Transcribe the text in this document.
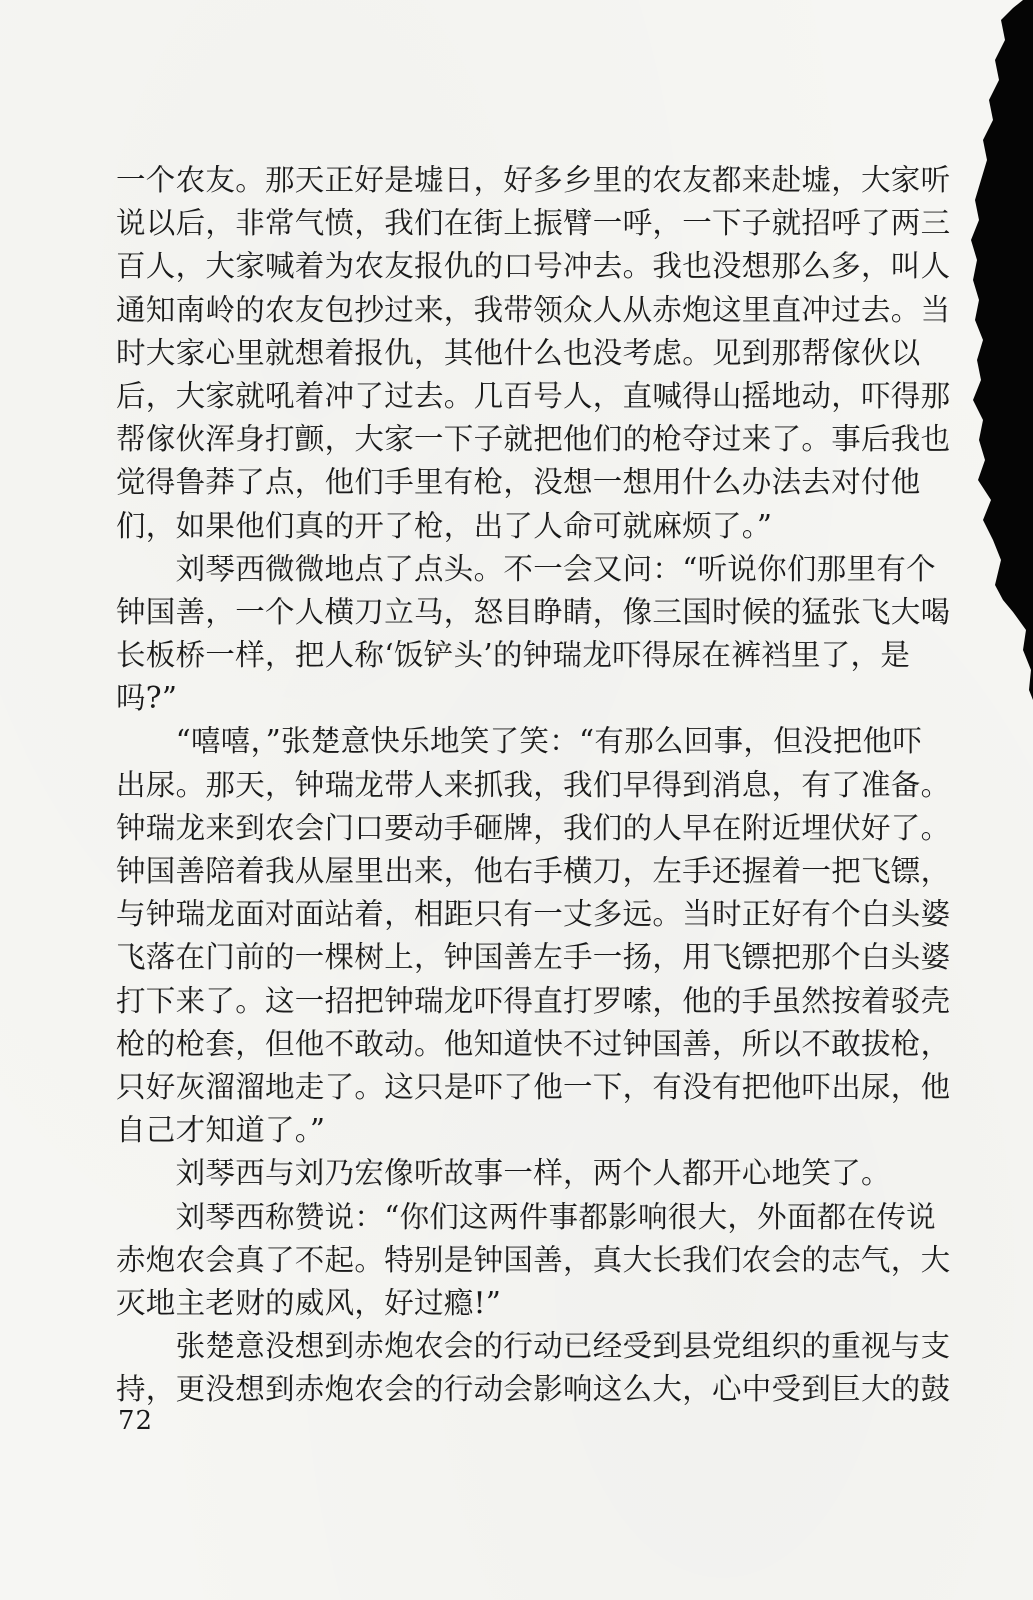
一个农友。那天正好是墟日，好多乡里的农友都来赴墟，大家听
说以后，非常气愤，我们在街上振臂一呼，一下子就招呼了两三
百人，大家喊着为农友报仇的口号冲去。我也没想那么多，叫人
通知南岭的农友包抄过来，我带领众人从赤炮这里直冲过去。当
时大家心里就想着报仇，其他什么也没考虑。见到那帮傢伙以
后，大家就吼着冲了过去。几百号人，直喊得山摇地动，吓得那
帮傢伙浑身打颤，大家一下子就把他们的枪夺过来了。事后我也
觉得鲁莽了点，他们手里有枪，没想一想用什么办法去对付他
们，如果他们真的开了枪，出了人命可就麻烦了。”
　　刘琴西微微地点了点头。不一会又问：“听说你们那里有个
钟国善，一个人横刀立马，怒目睁睛，像三国时候的猛张飞大喝
长板桥一样，把人称‘饭铲头’的钟瑞龙吓得尿在裤裆里了，是
吗?”
　　“嘻嘻，”张楚意快乐地笑了笑：“有那么回事，但没把他吓
出尿。那天，钟瑞龙带人来抓我，我们早得到消息，有了准备。
钟瑞龙来到农会门口要动手砸牌，我们的人早在附近埋伏好了。
钟国善陪着我从屋里出来，他右手横刀，左手还握着一把飞镖，
与钟瑞龙面对面站着，相距只有一丈多远。当时正好有个白头婆
飞落在门前的一棵树上，钟国善左手一扬，用飞镖把那个白头婆
打下来了。这一招把钟瑞龙吓得直打罗嗦，他的手虽然按着驳壳
枪的枪套，但他不敢动。他知道快不过钟国善，所以不敢拔枪，
只好灰溜溜地走了。这只是吓了他一下，有没有把他吓出尿，他
自己才知道了。”
　　刘琴西与刘乃宏像听故事一样，两个人都开心地笑了。
　　刘琴西称赞说：“你们这两件事都影响很大，外面都在传说
赤炮农会真了不起。特别是钟国善，真大长我们农会的志气，大
灭地主老财的威风，好过瘾!”
　　张楚意没想到赤炮农会的行动已经受到县党组织的重视与支
持，更没想到赤炮农会的行动会影响这么大，心中受到巨大的鼓
72
